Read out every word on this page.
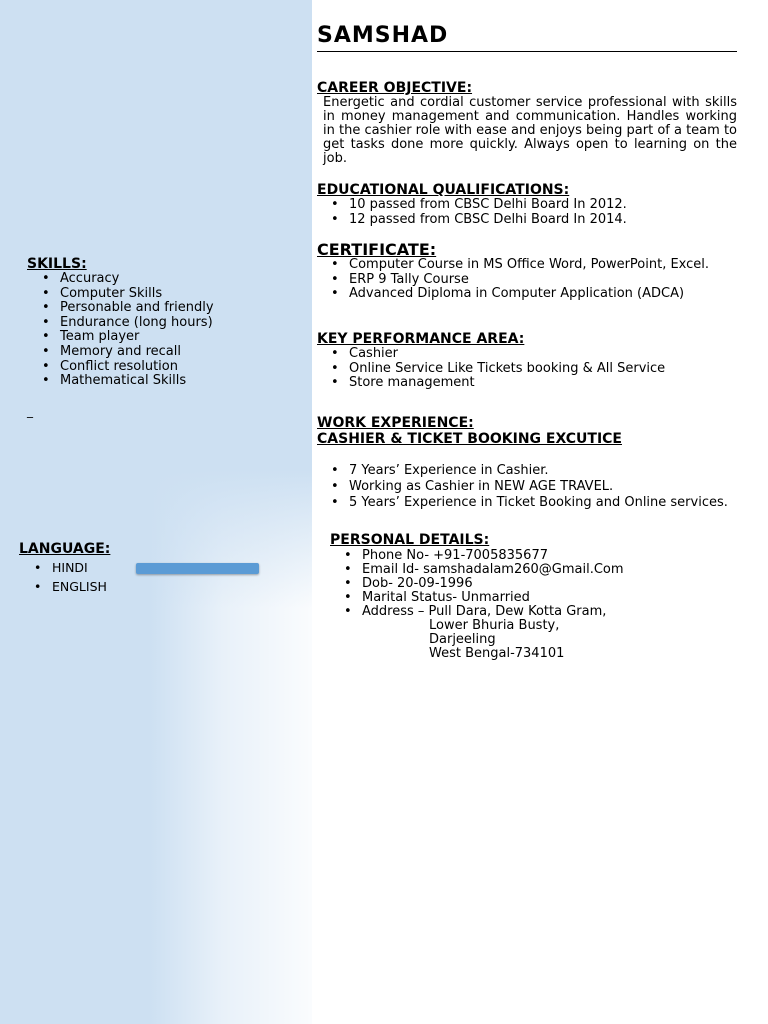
SKILLS:

• Accuracy
• Computer Skills
• Personable and friendly
• Endurance (long hours)
• Team player
• Memory and recall
• Conflict resolution
• Mathematical Skills
_

LANGUAGE:

• HINDI
• ENGLISH
SAMSHAD

CAREER OBJECTIVE:

Energetic and cordial customer service professional with skills in money management and communication. Handles working in the cashier role with ease and enjoys being part of a team to get tasks done more quickly. Always open to learning on the job.

EDUCATIONAL QUALIFICATIONS:

• 10 passed from CBSC Delhi Board In 2012.
• 12 passed from CBSC Delhi Board In 2014.

CERTIFICATE:

• Computer Course in MS Office Word, PowerPoint, Excel.
• ERP 9 Tally Course
• Advanced Diploma in Computer Application (ADCA)

KEY PERFORMANCE AREA:

• Cashier
• Online Service Like Tickets booking & All Service
• Store management

WORK EXPERIENCE:

CASHIER & TICKET BOOKING EXCUTICE

• 7 Years’ Experience in Cashier.
• Working as Cashier in NEW AGE TRAVEL.
• 5 Years’ Experience in Ticket Booking and Online services.

PERSONAL DETAILS:

• Phone No- +91-7005835677
• Email Id- samshadalam260@Gmail.Com
• Dob- 20-09-1996
• Marital Status- Unmarried
• Address – Pull Dara, Dew Kotta Gram,
Lower Bhuria Busty,
Darjeeling
West Bengal-734101
